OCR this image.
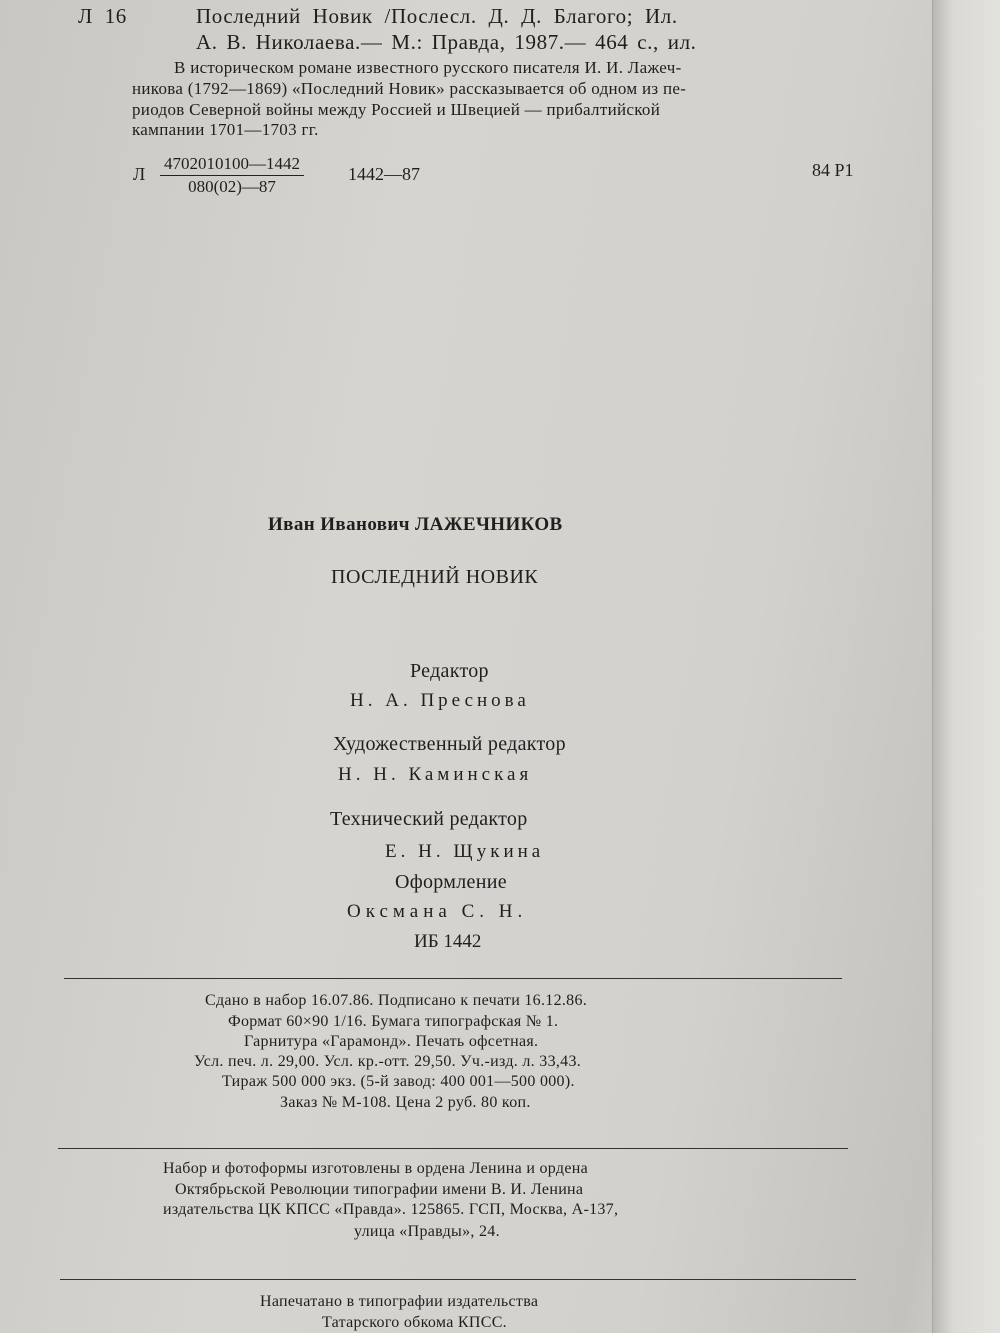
Л 16	Последний Новик /Послесл. Д. Д. Благого; Ил.
А. В. Николаева.— М.: Правда, 1987.— 464 с., ил.
В историческом романе известного русского писателя И. И. Лажеч-
никова (1792—1869) «Последний Новик» рассказывается об одном из пе-
риодов Северной войны между Россией и Швецией — прибалтийской
кампании 1701—1703 гг.
Л $\frac{4702010100—1442}{080(02)—87}$ 1442—87	84 Р1
Иван Иванович ЛАЖЕЧНИКОВ
ПОСЛЕДНИЙ НОВИК
Редактор
Н. А. Преснова
Художественный редактор
Н. Н. Каминская
Технический редактор
Е. Н. Щукина
Оформление
Оксмана С. Н.
ИБ 1442
Сдано в набор 16.07.86. Подписано к печати 16.12.86.
Формат 60×90 1/16. Бумага типографская № 1.
Гарнитура «Гарамонд». Печать офсетная.
Усл. печ. л. 29,00. Усл. кр.-отт. 29,50. Уч.-изд. л. 33,43.
Тираж 500 000 экз. (5-й завод: 400 001—500 000).
Заказ № М-108. Цена 2 руб. 80 коп.
Набор и фотоформы изготовлены в ордена Ленина и ордена
Октябрьской Революции типографии имени В. И. Ленина
издательства ЦК КПСС «Правда». 125865. ГСП, Москва, А-137,
улица «Правды», 24.
Напечатано в типографии издательства
Татарского обкома КПСС.
